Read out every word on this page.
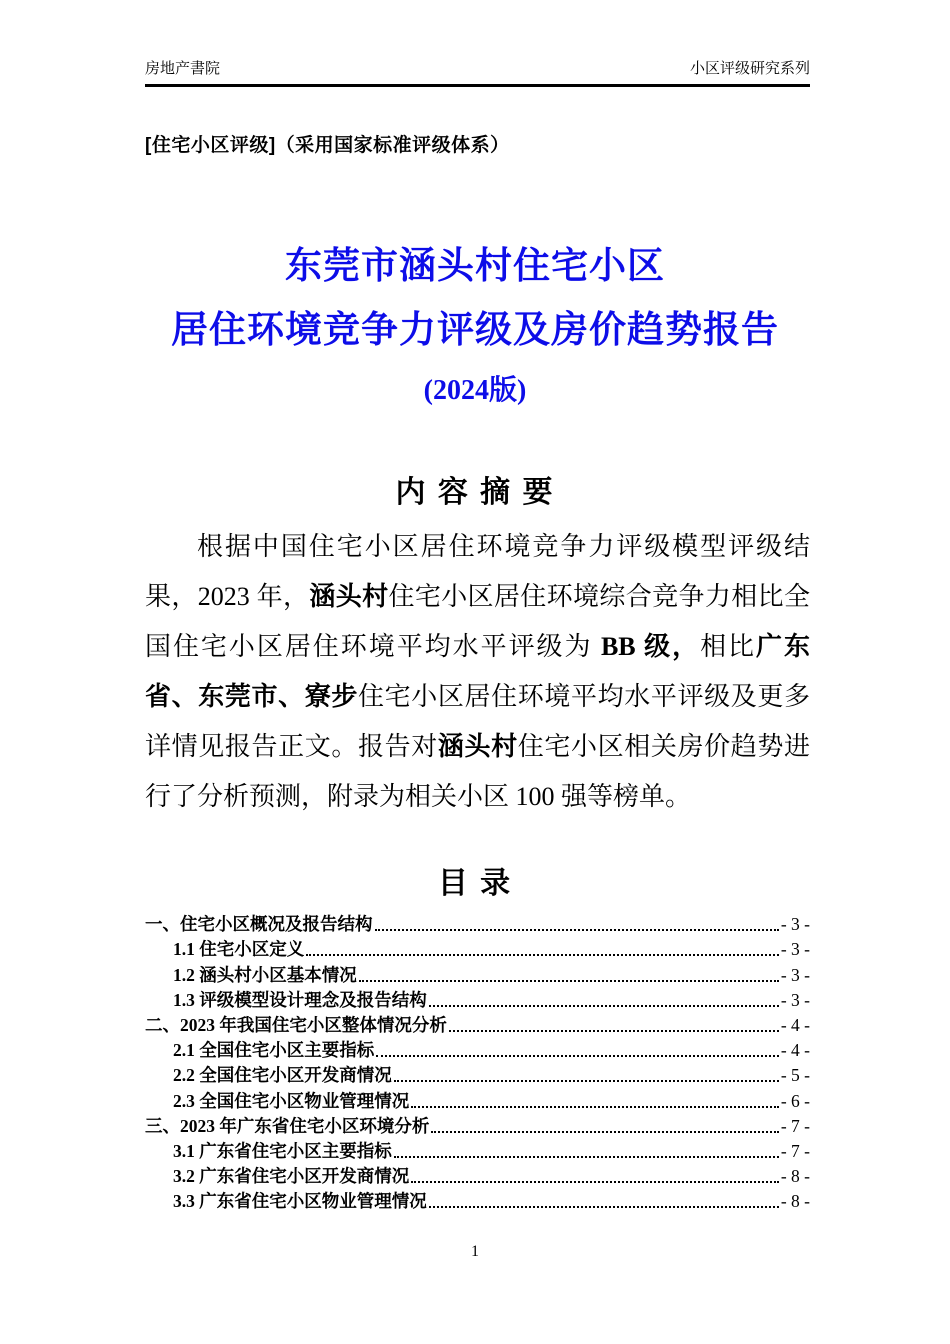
房地产書院	小区评级研究系列
[住宅小区评级]（采用国家标准评级体系）
东莞市涵头村住宅小区
居住环境竞争力评级及房价趋势报告
(2024版)
内 容 摘 要

根据中国住宅小区居住环境竞争力评级模型评级结果，2023 年，涵头村住宅小区居住环境综合竞争力相比全国住宅小区居住环境平均水平评级为 BB 级，相比广东省、东莞市、寮步住宅小区居住环境平均水平评级及更多详情见报告正文。报告对涵头村住宅小区相关房价趋势进行了分析预测，附录为相关小区 100 强等榜单。

目 录
一、住宅小区概况及报告结构	- 3 -
1.1 住宅小区定义	- 3 -
1.2 涵头村小区基本情况	- 3 -
1.3 评级模型设计理念及报告结构	- 3 -
二、2023 年我国住宅小区整体情况分析	- 4 -
2.1 全国住宅小区主要指标	- 4 -
2.2 全国住宅小区开发商情况	- 5 -
2.3 全国住宅小区物业管理情况	- 6 -
三、2023 年广东省住宅小区环境分析	- 7 -
3.1 广东省住宅小区主要指标	- 7 -
3.2 广东省住宅小区开发商情况	- 8 -
3.3 广东省住宅小区物业管理情况	- 8 -
1
